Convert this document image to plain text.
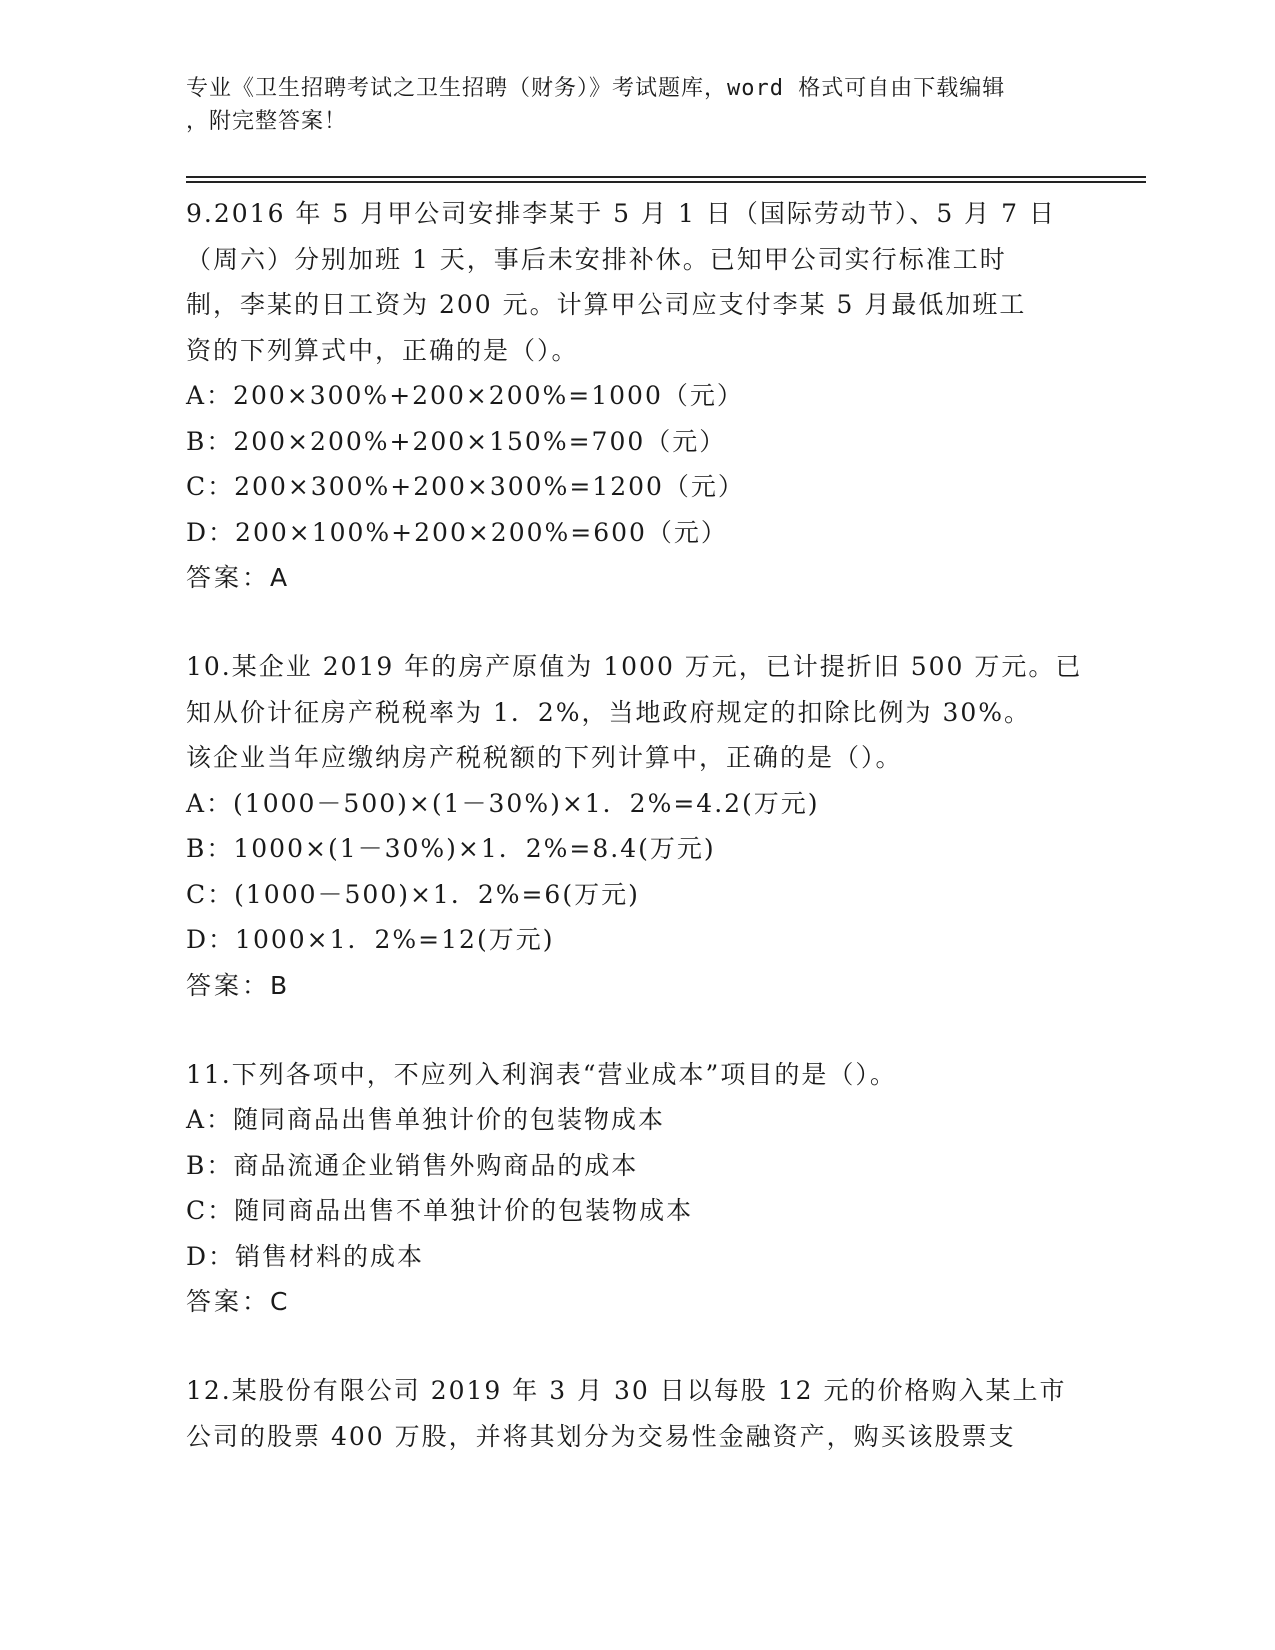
专业《卫生招聘考试之卫生招聘（财务）》考试题库，word 格式可自由下载编辑
，附完整答案！
9.2016 年 5 月甲公司安排李某于 5 月 1 日（国际劳动节）、5 月 7 日
（周六）分别加班 1 天，事后未安排补休。已知甲公司实行标准工时
制，李某的日工资为 200 元。计算甲公司应支付李某 5 月最低加班工
资的下列算式中，正确的是（）。
A：200×300%+200×200%=1000（元）
B：200×200%+200×150%=700（元）
C：200×300%+200×300%=1200（元）
D：200×100%+200×200%=600（元）
答案：A
10.某企业 2019 年的房产原值为 1000 万元，已计提折旧 500 万元。已
知从价计征房产税税率为 1．2%，当地政府规定的扣除比例为 30%。
该企业当年应缴纳房产税税额的下列计算中，正确的是（）。
A：(1000－500)×(1－30%)×1．2%=4.2(万元)
B：1000×(1－30%)×1．2%=8.4(万元)
C：(1000－500)×1．2%=6(万元)
D：1000×1．2%=12(万元)
答案：B
11.下列各项中，不应列入利润表“营业成本”项目的是（）。
A：随同商品出售单独计价的包装物成本
B：商品流通企业销售外购商品的成本
C：随同商品出售不单独计价的包装物成本
D：销售材料的成本
答案：C
12.某股份有限公司 2019 年 3 月 30 日以每股 12 元的价格购入某上市
公司的股票 400 万股，并将其划分为交易性金融资产，购买该股票支
